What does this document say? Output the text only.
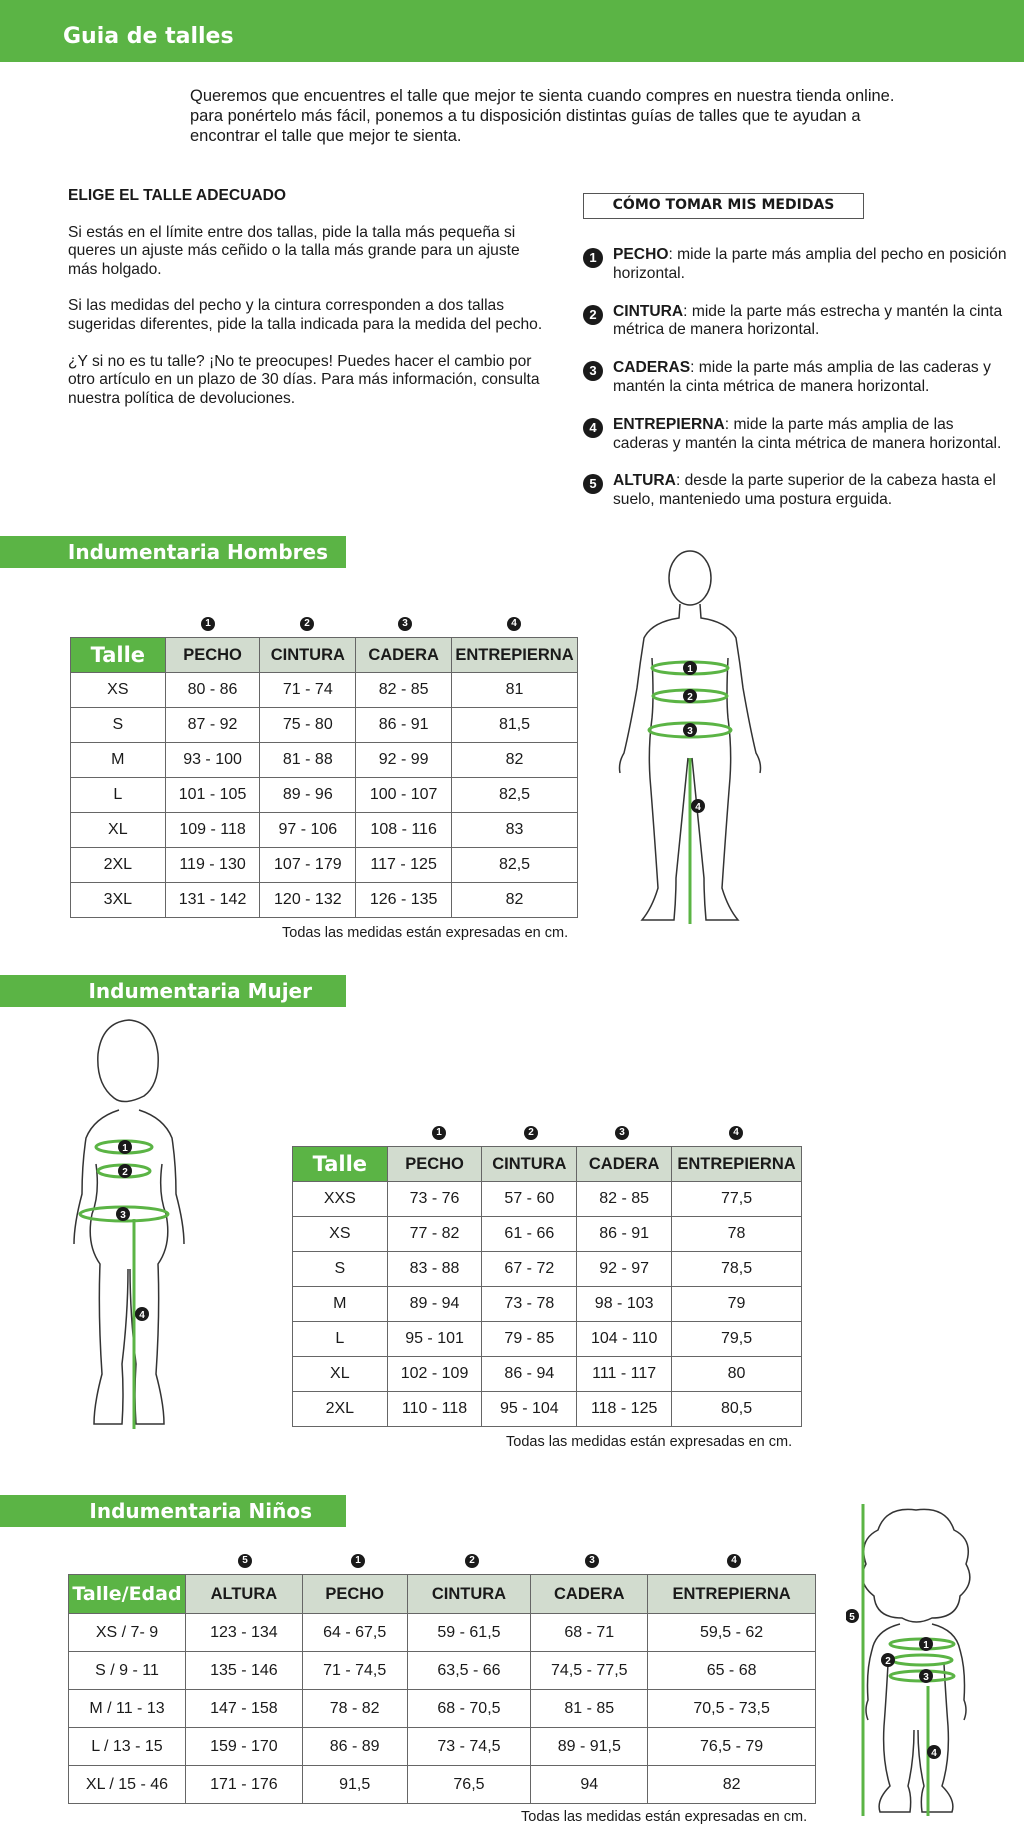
Guia de talles

Queremos que encuentres el talle que mejor te sienta cuando compres en nuestra tienda online.

para ponértelo más fácil, ponemos a tu disposición distintas guías de talles que te ayudan a

encontrar el talle que mejor te sienta.

ELIGE EL TALLE ADECUADO

Si estás en el límite entre dos tallas, pide la talla más pequeña si queres un ajuste más ceñido o la talla más grande para un ajuste más holgado.

Si las medidas del pecho y la cintura corresponden a dos tallas sugeridas diferentes, pide la talla indicada para la medida del pecho.

¿Y si no es tu talle? ¡No te preocupes! Puedes hacer el cambio por otro artículo en un plazo de 30 días. Para más información, consulta nuestra política de devoluciones.

CÓMO TOMAR MIS MEDIDAS
1	PECHO: mide la parte más amplia del pecho en posición horizontal.
2	CINTURA: mide la parte más estrecha y mantén la cinta métrica de manera horizontal.
3	CADERAS: mide la parte más amplia de las caderas y mantén la cinta métrica de manera horizontal.
4	ENTREPIERNA: mide la parte más amplia de las caderas y mantén la cinta métrica de manera horizontal.
5	ALTURA: desde la parte superior de la cabeza hasta el suelo, manteniedo uma postura erguida.
Indumentaria Hombres
1	2	3	4
Talle	PECHO	CINTURA	CADERA	ENTREPIERNA
XS	80 - 86	71 - 74	82 - 85	81
S	87 - 92	75 - 80	86 - 91	81,5
M	93 - 100	81 - 88	92 - 99	82
L	101 - 105	89 - 96	100 - 107	82,5
XL	109 - 118	97 - 106	108 - 116	83
2XL	119 - 130	107 - 179	117 - 125	82,5
3XL	131 - 142	120 - 132	126 - 135	82
Todas las medidas están expresadas en cm.
1
2
3
4
Indumentaria Mujer
1
2
3
4
1	2	3	4
Talle	PECHO	CINTURA	CADERA	ENTREPIERNA
XXS	73 - 76	57 - 60	82 - 85	77,5
XS	77 - 82	61 - 66	86 - 91	78
S	83 - 88	67 - 72	92 - 97	78,5
M	89 - 94	73 - 78	98 - 103	79
L	95 - 101	79 - 85	104 - 110	79,5
XL	102 - 109	86 - 94	111 - 117	80
2XL	110 - 118	95 - 104	118 - 125	80,5
Todas las medidas están expresadas en cm.
Indumentaria Niños
5	1	2	3	4
Talle/Edad	ALTURA	PECHO	CINTURA	CADERA	ENTREPIERNA
XS / 7- 9	123 - 134	64 - 67,5	59 - 61,5	68 - 71	59,5 - 62
S / 9 - 11	135 - 146	71 - 74,5	63,5 - 66	74,5 - 77,5	65 - 68
M / 11 - 13	147 - 158	78 - 82	68 - 70,5	81 - 85	70,5 - 73,5
L / 13 - 15	159 - 170	86 - 89	73 - 74,5	89 - 91,5	76,5 - 79
XL / 15 - 46	171 - 176	91,5	76,5	94	82
Todas las medidas están expresadas en cm.
1
2
3
4
5
